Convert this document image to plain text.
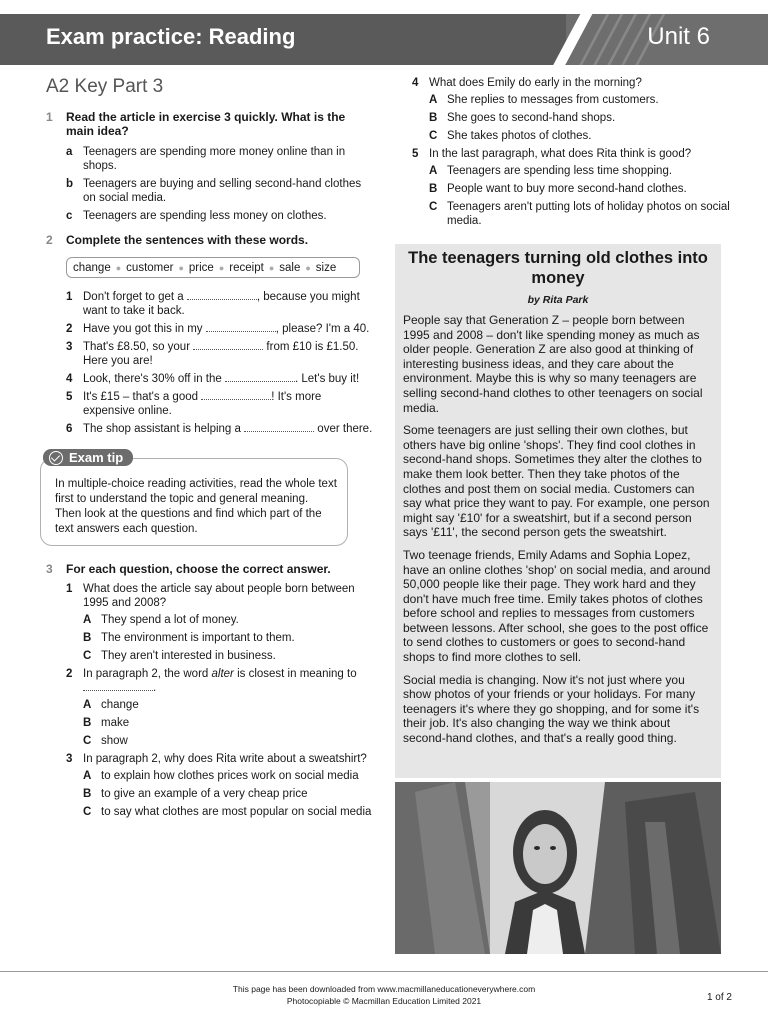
Exam practice: Reading	Unit 6
A2 Key Part 3
1 Read the article in exercise 3 quickly. What is the main idea?
a Teenagers are spending more money online than in shops.
b Teenagers are buying and selling second-hand clothes on social media.
c Teenagers are spending less money on clothes.
2 Complete the sentences with these words.
change ● customer ● price ● receipt ● sale ● size
1 Don't forget to get a	, because you might want to take it back.
2 Have you got this in my	, please? I'm a 40.
3 That's £8.50, so your	from £10 is £1.50. Here you are!
4 Look, there's 30% off in the	. Let's buy it!
5 It's £15 – that's a good	! It's more expensive online.
6 The shop assistant is helping a	over there.
Exam tip
In multiple-choice reading activities, read the whole text first to understand the topic and general meaning. Then look at the questions and find which part of the text answers each question.
3 For each question, choose the correct answer.
1 What does the article say about people born between 1995 and 2008?
A They spend a lot of money.
B The environment is important to them.
C They aren't interested in business.
2 In paragraph 2, the word alter is closest in meaning to .
A change
B make
C show
3 In paragraph 2, why does Rita write about a sweatshirt?
A to explain how clothes prices work on social media
B to give an example of a very cheap price
C to say what clothes are most popular on social media
4 What does Emily do early in the morning?
A She replies to messages from customers.
B She goes to second-hand shops.
C She takes photos of clothes.
5 In the last paragraph, what does Rita think is good?
A Teenagers are spending less time shopping.
B People want to buy more second-hand clothes.
C Teenagers aren't putting lots of holiday photos on social media.
The teenagers turning old clothes into money
by Rita Park
People say that Generation Z – people born between 1995 and 2008 – don't like spending money as much as older people. Generation Z are also good at thinking of interesting business ideas, and they care about the environment. Maybe this is why so many teenagers are selling second-hand clothes to other teenagers on social media.
Some teenagers are just selling their own clothes, but others have big online 'shops'. They find cool clothes in second-hand shops. Sometimes they alter the clothes to make them look better. Then they take photos of the clothes and post them on social media. Customers can say what price they want to pay. For example, one person might say '£10' for a sweatshirt, but if a second person says '£11', the second person gets the sweatshirt.
Two teenage friends, Emily Adams and Sophia Lopez, have an online clothes 'shop' on social media, and around 50,000 people like their page. They work hard and they don't have much free time. Emily takes photos of clothes before school and replies to messages from customers between lessons. After school, she goes to the post office to send clothes to customers or goes to second-hand shops to find more clothes to sell.
Social media is changing. Now it's not just where you show photos of your friends or your holidays. For many teenagers it's where they go shopping, and for some it's their job. It's also changing the way we think about second-hand clothes, and that's a really good thing.
This page has been downloaded from www.macmillaneducationeverywhere.com
Photocopiable © Macmillan Education Limited 2021	1 of 2
